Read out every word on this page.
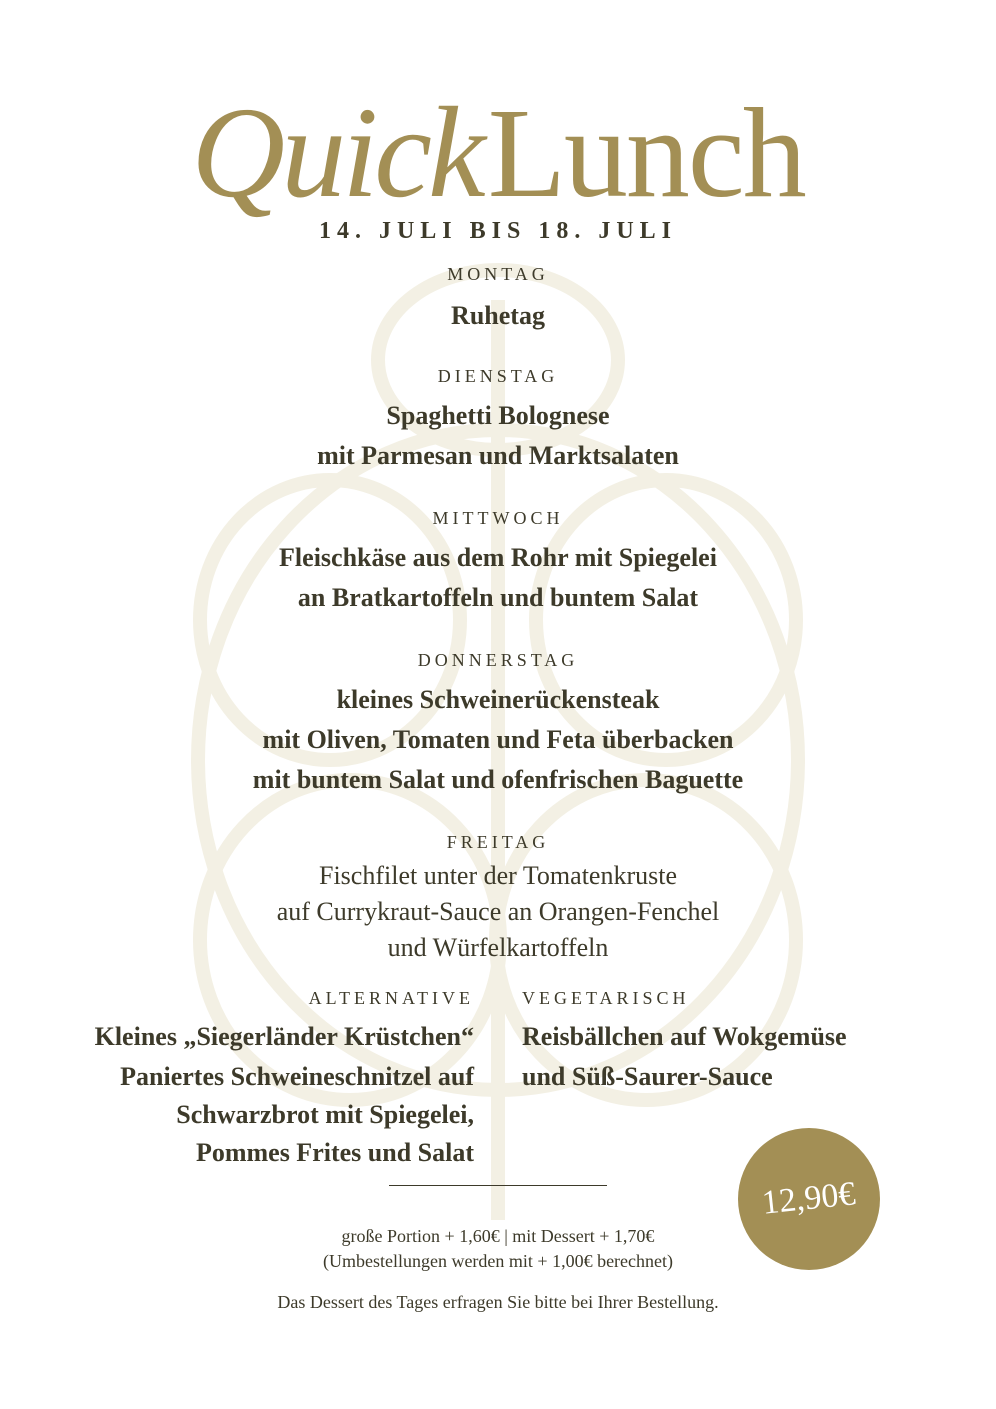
QuickLunch
14. JULI BIS 18. JULI
MONTAG
Ruhetag
DIENSTAG
Spaghetti Bolognese
mit Parmesan und Marktsalaten
MITTWOCH
Fleischkäse aus dem Rohr mit Spiegelei
an Bratkartoffeln und buntem Salat
DONNERSTAG
kleines Schweinerückensteak
mit Oliven, Tomaten und Feta überbacken
mit buntem Salat und ofenfrischen Baguette
FREITAG
Fischfilet unter der Tomatenkruste
auf Currykraut-Sauce an Orangen-Fenchel
und Würfelkartoffeln
ALTERNATIVE
Kleines „Siegerländer Krüstchen“
Paniertes Schweineschnitzel auf
Schwarzbrot mit Spiegelei,
Pommes Frites und Salat
VEGETARISCH
Reisbällchen auf Wokgemüse
und Süß-Saurer-Sauce
12,90€
große Portion + 1,60€ | mit Dessert + 1,70€
(Umbestellungen werden mit + 1,00€ berechnet)
Das Dessert des Tages erfragen Sie bitte bei Ihrer Bestellung.
